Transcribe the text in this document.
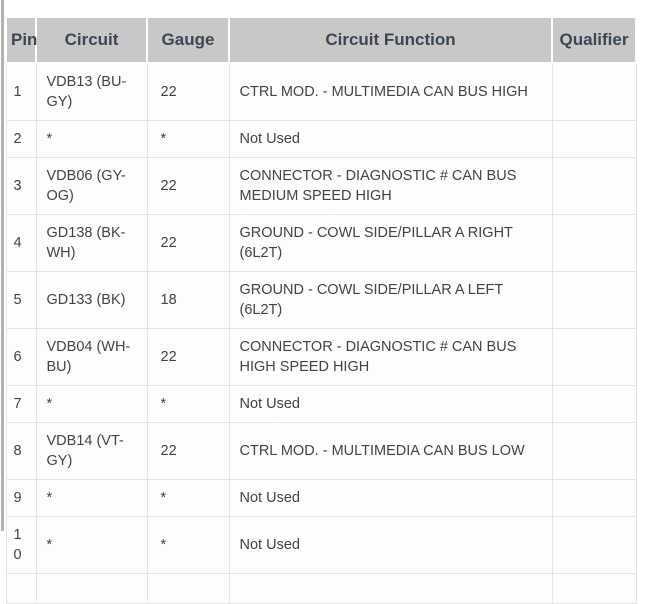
Pin	Circuit	Gauge	Circuit Function	Qualifier
1	VDB13 (BU-GY)	22	CTRL MOD. - MULTIMEDIA CAN BUS HIGH	
2	*	*	Not Used	
3	VDB06 (GY-OG)	22	CONNECTOR - DIAGNOSTIC # CAN BUS MEDIUM SPEED HIGH	
4	GD138 (BK-WH)	22	GROUND - COWL SIDE/PILLAR A RIGHT (6L2T)	
5	GD133 (BK)	18	GROUND - COWL SIDE/PILLAR A LEFT (6L2T)	
6	VDB04 (WH-BU)	22	CONNECTOR - DIAGNOSTIC # CAN BUS HIGH SPEED HIGH	
7	*	*	Not Used	
8	VDB14 (VT-GY)	22	CTRL MOD. - MULTIMEDIA CAN BUS LOW	
9	*	*	Not Used	
10	*	*	Not Used	
